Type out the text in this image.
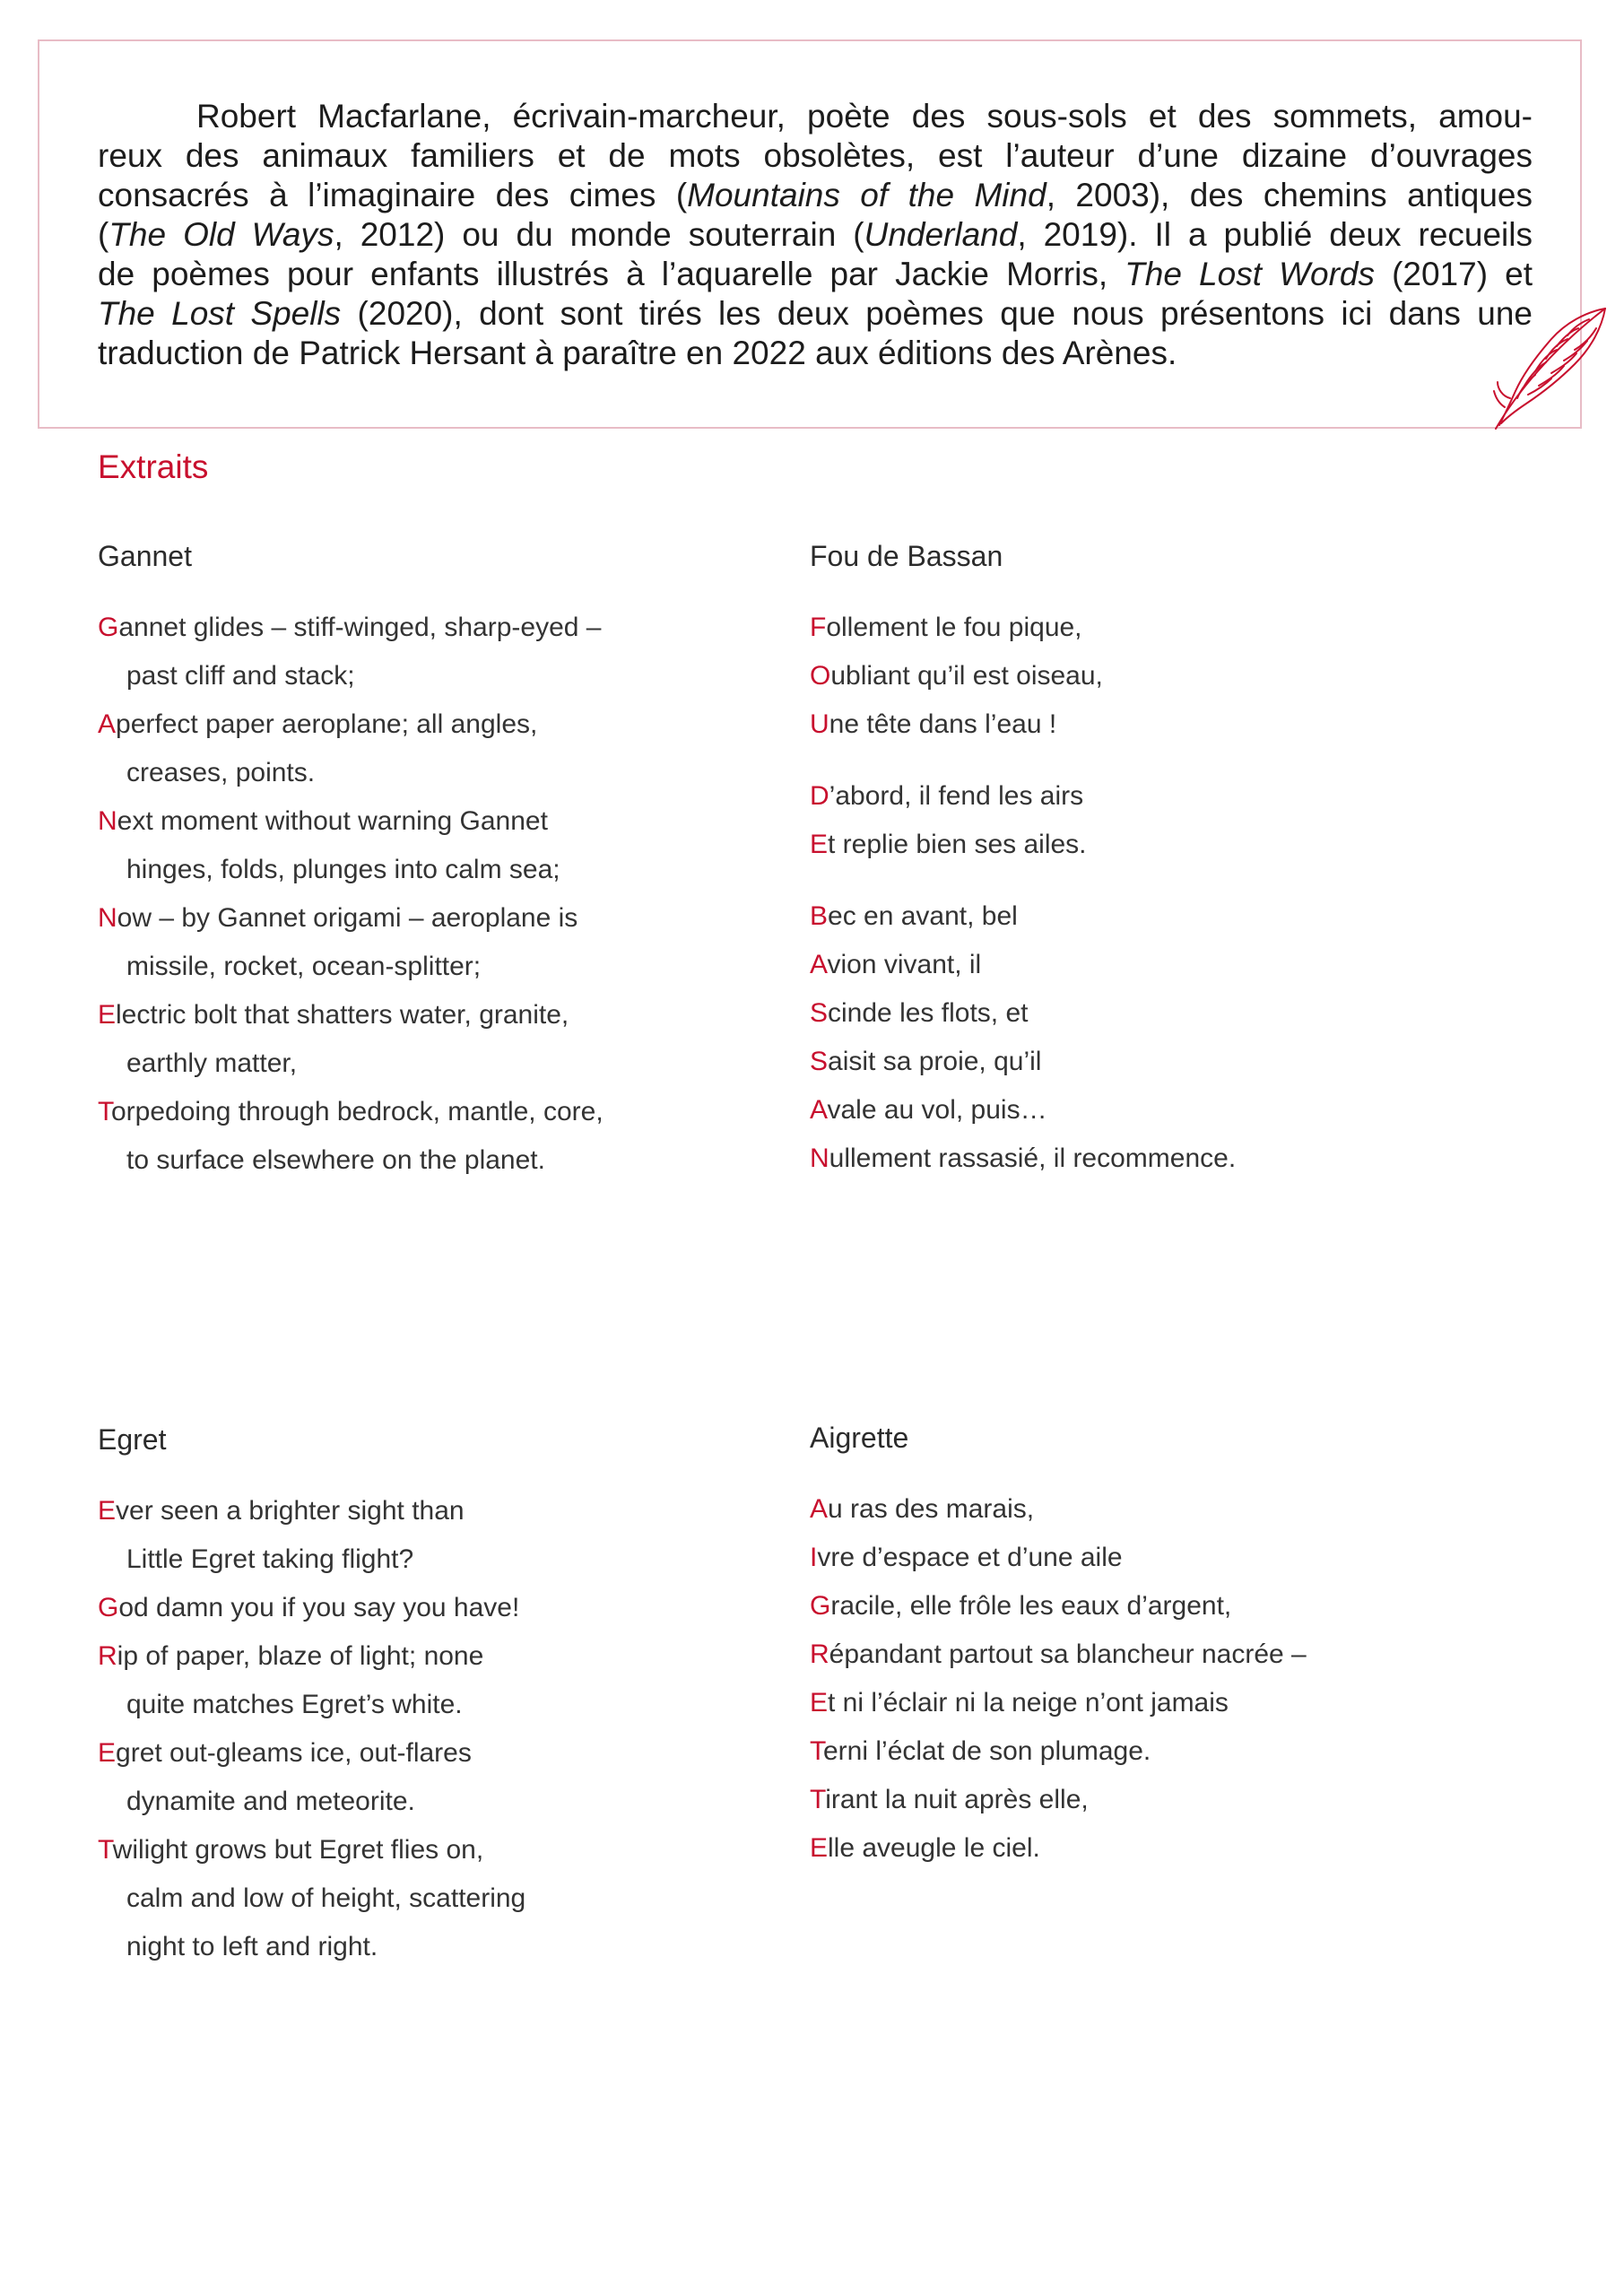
Robert Macfarlane, écrivain-marcheur, poète des sous-sols et des sommets, amou-
reux des animaux familiers et de mots obsolètes, est l’auteur d’une dizaine d’ouvrages
consacrés à l’imaginaire des cimes (Mountains of the Mind, 2003), des chemins antiques
(The Old Ways, 2012) ou du monde souterrain (Underland, 2019). Il a publié deux recueils
de poèmes pour enfants illustrés à l’aquarelle par Jackie Morris, The Lost Words (2017) et
The Lost Spells (2020), dont sont tirés les deux poèmes que nous présentons ici dans une
traduction de Patrick Hersant à paraître en 2022 aux éditions des Arènes.
Extraits
Gannet
Gannet glides – stiff-winged, sharp-eyed –
past cliff and stack;
Aperfect paper aeroplane; all angles,
creases, points.
Next moment without warning Gannet
hinges, folds, plunges into calm sea;
Now – by Gannet origami – aeroplane is
missile, rocket, ocean-splitter;
Electric bolt that shatters water, granite,
earthly matter,
Torpedoing through bedrock, mantle, core,
to surface elsewhere on the planet.
Fou de Bassan
Follement le fou pique,
Oubliant qu’il est oiseau,
Une tête dans l’eau !
D’abord, il fend les airs
Et replie bien ses ailes.
Bec en avant, bel
Avion vivant, il
Scinde les flots, et
Saisit sa proie, qu’il
Avale au vol, puis…
Nullement rassasié, il recommence.
Egret
Ever seen a brighter sight than
Little Egret taking flight?
God damn you if you say you have!
Rip of paper, blaze of light; none
quite matches Egret’s white.
Egret out-gleams ice, out-flares
dynamite and meteorite.
Twilight grows but Egret flies on,
calm and low of height, scattering
night to left and right.
Aigrette
Au ras des marais,
Ivre d’espace et d’une aile
Gracile, elle frôle les eaux d’argent,
Répandant partout sa blancheur nacrée –
Et ni l’éclair ni la neige n’ont jamais
Terni l’éclat de son plumage.
Tirant la nuit après elle,
Elle aveugle le ciel.
